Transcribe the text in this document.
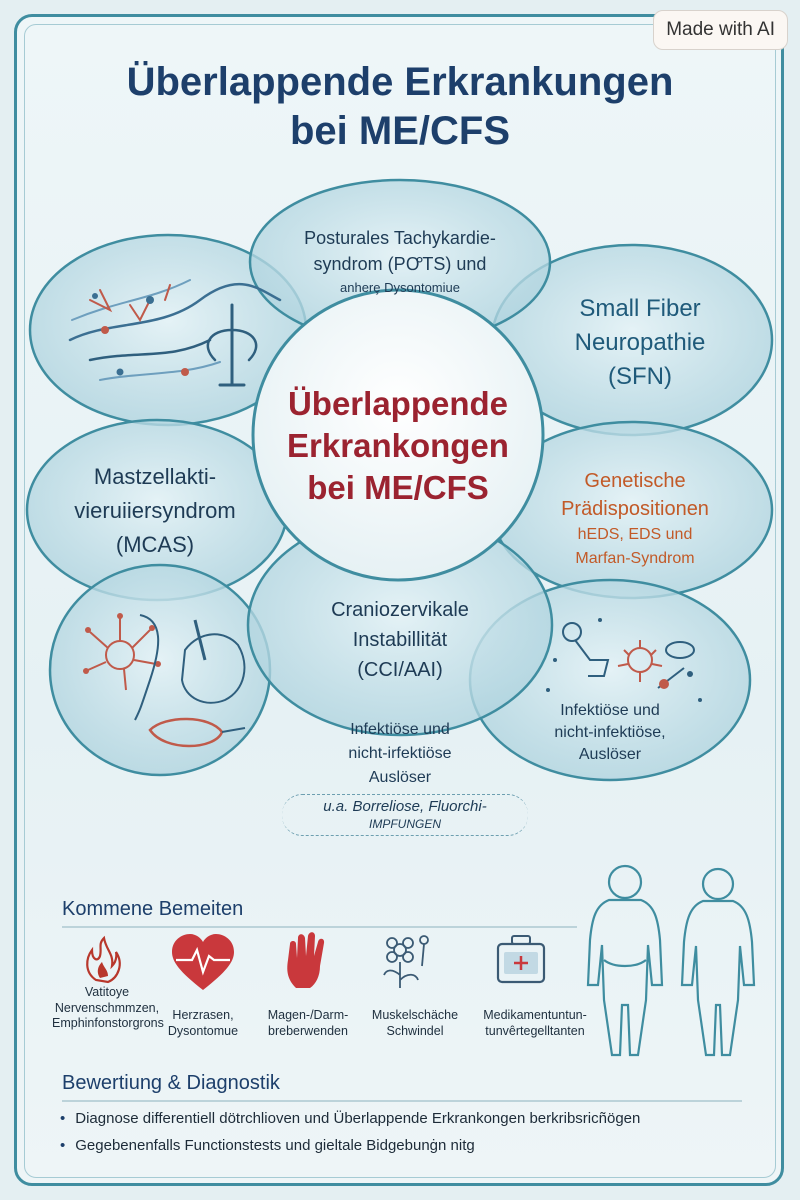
Made with AI
Überlappende Erkrankungen
bei ME/CFS
Posturales Tachykardie-
syndrom (PꝌTS) und
anherȩ Dysontomiue
Small Fiber
Neuropathie
(SFN)
Überlappende
Erkrankongen
bei ME/CFS
Mastzellakti-
vieruiiersyndrom
(MCAS)
Genetische
Prädispositionen
hEDS, EDS und
Marfan-Syndrom
Craniozervikale
Instabillität
(CCI/AAI)
Infektiöse und
nicht-irfektiöse
Auslöser
Infektiöse und
nicht-infektiöse,
Auslöser
u.a. Borreliose, Fluorchi-
IMPFUNGEN
Kommene Bemeiten
Vatitoye
Nervenschmmzen,
Emphinfonstorgrons
Herzrasen,
Dysontomue
Magen-/Darm-
breberwenden
Muskelschäche
Schwindel
Medikamentuntun-
tunvêrtegelltanten
Bewertiung & Diagnostik
• Diagnose differentiell dötrchlioven und Überlappende Erkrankongen berkribsricñögen
• Gegebenenfalls Functionstests und gieltale Bidgebunġn nitg
